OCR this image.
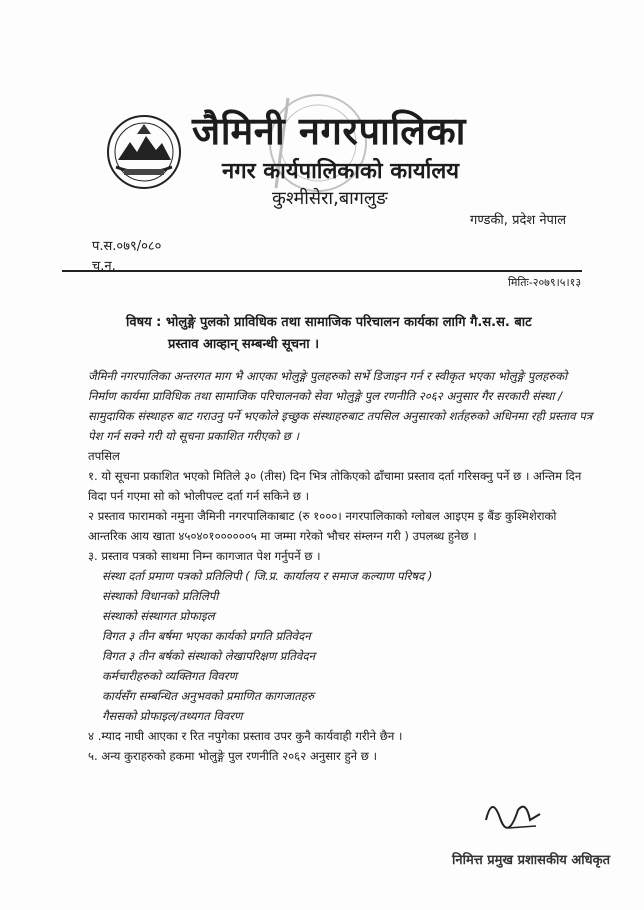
जैमिनी नगरपालिका
नगर कार्यपालिकाको कार्यालय
कुश्मीसेरा,बागलुङ
गण्डकी, प्रदेश नेपाल
प.स.०७९/०८०
च.न.
मितिः-२०७९।५।१३
विषय : भोलुङ्गे पुलको प्राविधिक तथा सामाजिक परिचालन कार्यका लागि गै.स.स. बाट
प्रस्ताव आव्हान् सम्बन्धी सूचना ।

जैमिनी नगरपालिका अन्तरगत माग भै आएका भोलुङ्गे पुलहरुको सर्भे डिजाइन गर्न र स्वीकृत भएका भोलुङ्गे पुलहरुको निर्माण कार्यमा प्राविधिक तथा सामाजिक परिचालनको सेवा भोलुङ्गे पुल रणनीति २०६२ अनुसार गैर सरकारी संस्था /सामुदायिक संस्थाहरु बाट गराउनु पर्ने भएकोले इच्छुक संस्थाहरुबाट तपसिल अनुसारको शर्तहरुको अधिनमा रही प्रस्ताव पत्र पेश गर्न सक्ने गरी यो सूचना प्रकाशित गरीएको छ ।

तपसिल

१. यो सूचना प्रकाशित भएको मितिले ३० (तीस) दिन भित्र तोकिएको ढाँचामा प्रस्ताव दर्ता गरिसक्नु पर्ने छ । अन्तिम दिन विदा पर्न गएमा सो को भोलीपल्ट दर्ता गर्न सकिने छ ।

२ प्रस्ताव फारामको नमुना जैमिनी नगरपालिकाबाट (रु १०००। नगरपालिकाको ग्लोबल आइएम इ बैंङ कुश्मिशेराको आन्तरिक आय खाता ४५०४०१००००००५ मा जम्मा गरेको भौचर संम्लग्न गरी ) उपलब्ध हुनेछ ।

३. प्रस्ताव पत्रको साथमा निम्न कागजात पेश गर्नुपर्ने छ ।

संस्था दर्ता प्रमाण पत्रको प्रतिलिपी ( जि.प्र. कार्यालय र समाज कल्याण परिषद )

संस्थाको विधानको प्रतिलिपी

संस्थाको संस्थागत प्रोफाइल

विगत ३ तीन बर्षमा भएका कार्यको प्रगति प्रतिवेदन

विगत ३ तीन बर्षको संस्थाको लेखापरिक्षण प्रतिवेदन

कर्मचारीहरुको व्यक्तिगत विवरण

कार्यसँग सम्बन्धित अनुभवको प्रमाणित कागजातहरु

गैससको प्रोफाइल/तथ्यगत विवरण

४ .म्याद नाघी आएका र रित नपुगेका प्रस्ताव उपर कुनै कार्यवाही गरीने छैन ।

५. अन्य कुराहरुको हकमा भोलुङ्गे पुल रणनीति २०६२ अनुसार हुने छ ।

निमित्त प्रमुख प्रशासकीय अधिकृत
